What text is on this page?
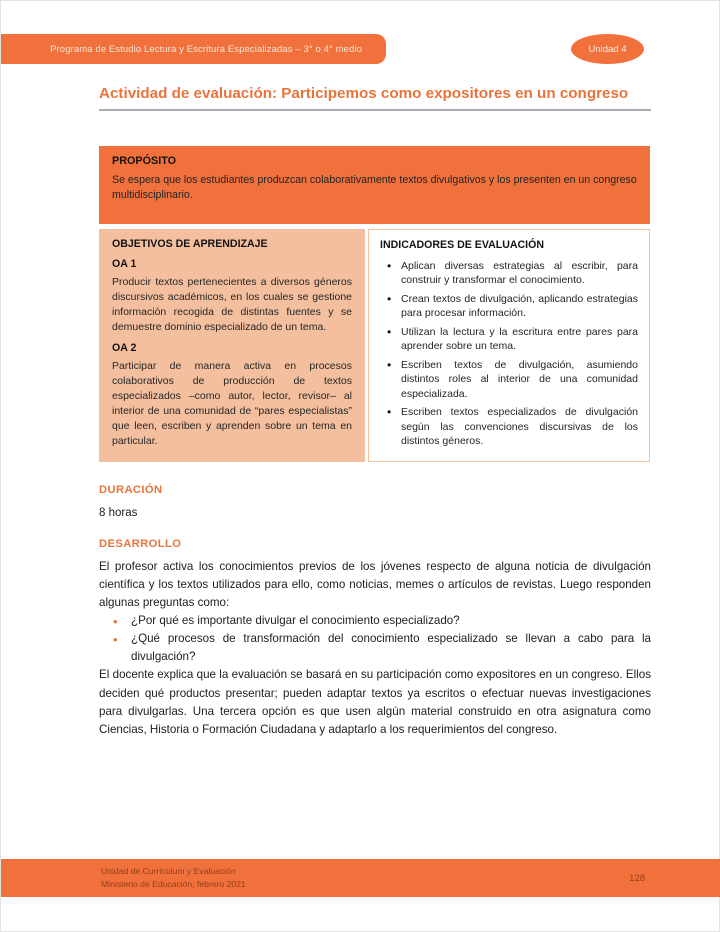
Programa de Estudio Lectura y Escritura Especializadas – 3° o 4° medio	Unidad 4
Actividad de evaluación: Participemos como expositores en un congreso
PROPÓSITO
Se espera que los estudiantes produzcan colaborativamente textos divulgativos y los presenten en un congreso multidisciplinario.
OBJETIVOS DE APRENDIZAJE
OA 1
Producir textos pertenecientes a diversos géneros discursivos académicos, en los cuales se gestione información recogida de distintas fuentes y se demuestre dominio especializado de un tema.
OA 2
Participar de manera activa en procesos colaborativos de producción de textos especializados –como autor, lector, revisor– al interior de una comunidad de “pares especialistas” que leen, escriben y aprenden sobre un tema en particular.
INDICADORES DE EVALUACIÓN
• Aplican diversas estrategias al escribir, para construir y transformar el conocimiento.
• Crean textos de divulgación, aplicando estrategias para procesar información.
• Utilizan la lectura y la escritura entre pares para aprender sobre un tema.
• Escriben textos de divulgación, asumiendo distintos roles al interior de una comunidad especializada.
• Escriben textos especializados de divulgación según las convenciones discursivas de los distintos géneros.
DURACIÓN
8 horas
DESARROLLO

El profesor activa los conocimientos previos de los jóvenes respecto de alguna noticia de divulgación científica y los textos utilizados para ello, como noticias, memes o artículos de revistas. Luego responden algunas preguntas como:

• ¿Por qué es importante divulgar el conocimiento especializado?
• ¿Qué procesos de transformación del conocimiento especializado se llevan a cabo para la divulgación?

El docente explica que la evaluación se basará en su participación como expositores en un congreso. Ellos deciden qué productos presentar; pueden adaptar textos ya escritos o efectuar nuevas investigaciones para divulgarlas. Una tercera opción es que usen algún material construido en otra asignatura como Ciencias, Historia o Formación Ciudadana y adaptarlo a los requerimientos del congreso.

Unidad de Currículum y Evaluación
Ministerio de Educación, febrero 2021
128
